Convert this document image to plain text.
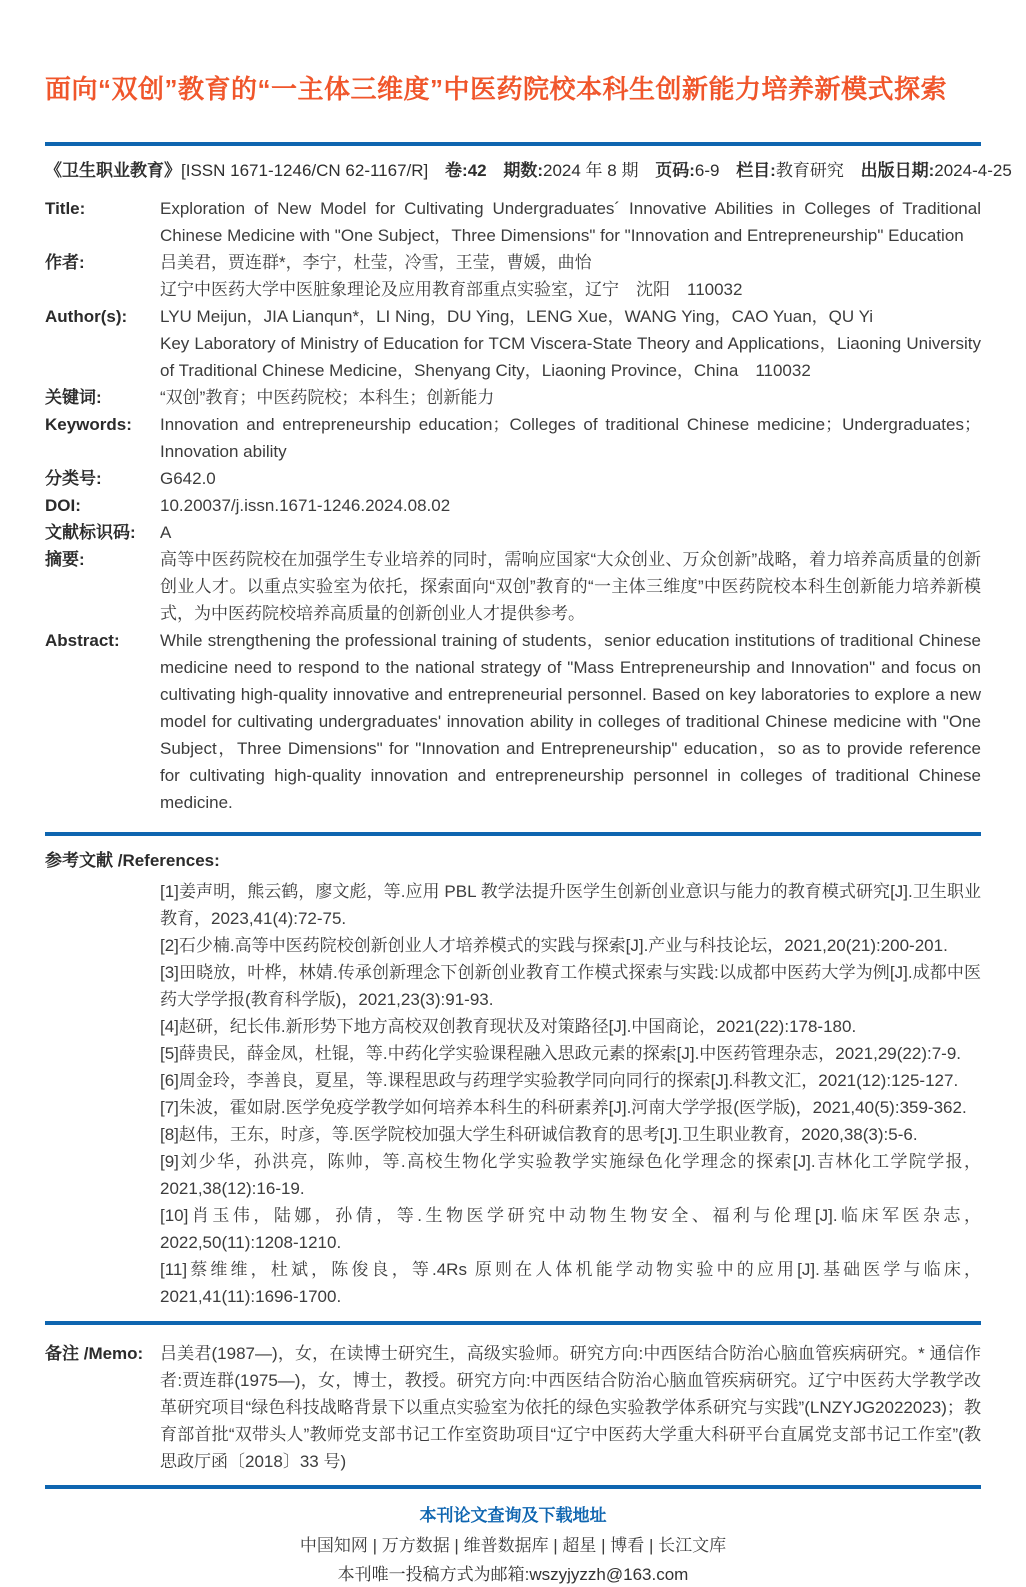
面向“双创”教育的“一主体三维度”中医药院校本科生创新能力培养新模式探索
《卫生职业教育》[ISSN 1671-1246/CN 62-1167/R] 卷:42 期数:2024 年 8 期 页码:6-9 栏目:教育研究 出版日期:2024-4-25
Title:	Exploration of New Model for Cultivating Undergraduates´ Innovative Abilities in Colleges of Traditional Chinese Medicine with "One Subject，Three Dimensions" for "Innovation and Entrepreneurship" Education
作者:	吕美君，贾连群*，李宁，杜莹，冷雪，王莹，曹媛，曲怡
辽宁中医药大学中医脏象理论及应用教育部重点实验室，辽宁　沈阳　110032
Author(s):	LYU Meijun，JIA Lianqun*，LI Ning，DU Ying，LENG Xue，WANG Ying，CAO Yuan，QU Yi
Key Laboratory of Ministry of Education for TCM Viscera-State Theory and Applications，Liaoning University of Traditional Chinese Medicine，Shenyang City，Liaoning Province，China　110032
关键词:	“双创”教育；中医药院校；本科生；创新能力
Keywords:	Innovation and entrepreneurship education；Colleges of traditional Chinese medicine；Undergraduates；Innovation ability
分类号:	G642.0
DOI:	10.20037/j.issn.1671-1246.2024.08.02
文献标识码:	A
摘要:	高等中医药院校在加强学生专业培养的同时，需响应国家“大众创业、万众创新”战略，着力培养高质量的创新创业人才。以重点实验室为依托，探索面向“双创”教育的“一主体三维度”中医药院校本科生创新能力培养新模式，为中医药院校培养高质量的创新创业人才提供参考。
Abstract:	While strengthening the professional training of students，senior education institutions of traditional Chinese medicine need to respond to the national strategy of "Mass Entrepreneurship and Innovation" and focus on cultivating high-quality innovative and entrepreneurial personnel. Based on key laboratories to explore a new model for cultivating undergraduates' innovation ability in colleges of traditional Chinese medicine with "One Subject，Three Dimensions" for "Innovation and Entrepreneurship" education，so as to provide reference for cultivating high-quality innovation and entrepreneurship personnel in colleges of traditional Chinese medicine.
参考文献 /References:
[1]姜声明，熊云鹤，廖文彪，等.应用 PBL 教学法提升医学生创新创业意识与能力的教育模式研究[J].卫生职业教育，2023,41(4):72-75.
[2]石少楠.高等中医药院校创新创业人才培养模式的实践与探索[J].产业与科技论坛，2021,20(21):200-201.
[3]田晓放，叶桦，林婧.传承创新理念下创新创业教育工作模式探索与实践:以成都中医药大学为例[J].成都中医药大学学报(教育科学版)，2021,23(3):91-93.
[4]赵研，纪长伟.新形势下地方高校双创教育现状及对策路径[J].中国商论，2021(22):178-180.
[5]薛贵民，薛金凤，杜锟，等.中药化学实验课程融入思政元素的探索[J].中医药管理杂志，2021,29(22):7-9.
[6]周金玲，李善良，夏星，等.课程思政与药理学实验教学同向同行的探索[J].科教文汇，2021(12):125-127.
[7]朱波，霍如尉.医学免疫学教学如何培养本科生的科研素养[J].河南大学学报(医学版)，2021,40(5):359-362.
[8]赵伟，王东，时彦，等.医学院校加强大学生科研诚信教育的思考[J].卫生职业教育，2020,38(3):5-6.
[9]刘少华，孙洪亮，陈帅，等.高校生物化学实验教学实施绿色化学理念的探索[J].吉林化工学院学报，2021,38(12):16-19.
[10]肖玉伟，陆娜，孙倩，等.生物医学研究中动物生物安全、福利与伦理[J].临床军医杂志，2022,50(11):1208-1210.
[11]蔡维维，杜斌，陈俊良，等.4Rs 原则在人体机能学动物实验中的应用[J].基础医学与临床，2021,41(11):1696-1700.
备注 /Memo: 吕美君(1987—)，女，在读博士研究生，高级实验师。研究方向:中西医结合防治心脑血管疾病研究。* 通信作者:贾连群(1975—)，女，博士，教授。研究方向:中西医结合防治心脑血管疾病研究。辽宁中医药大学教学改革研究项目“绿色科技战略背景下以重点实验室为依托的绿色实验教学体系研究与实践”(LNZYJG2022023)；教育部首批“双带头人”教师党支部书记工作室资助项目“辽宁中医药大学重大科研平台直属党支部书记工作室”(教思政厅函〔2018〕33 号)
本刊论文查询及下载地址
中国知网 | 万方数据 | 维普数据库 | 超星 | 博看 | 长江文库
本刊唯一投稿方式为邮箱:wszyjyzzh@163.com
